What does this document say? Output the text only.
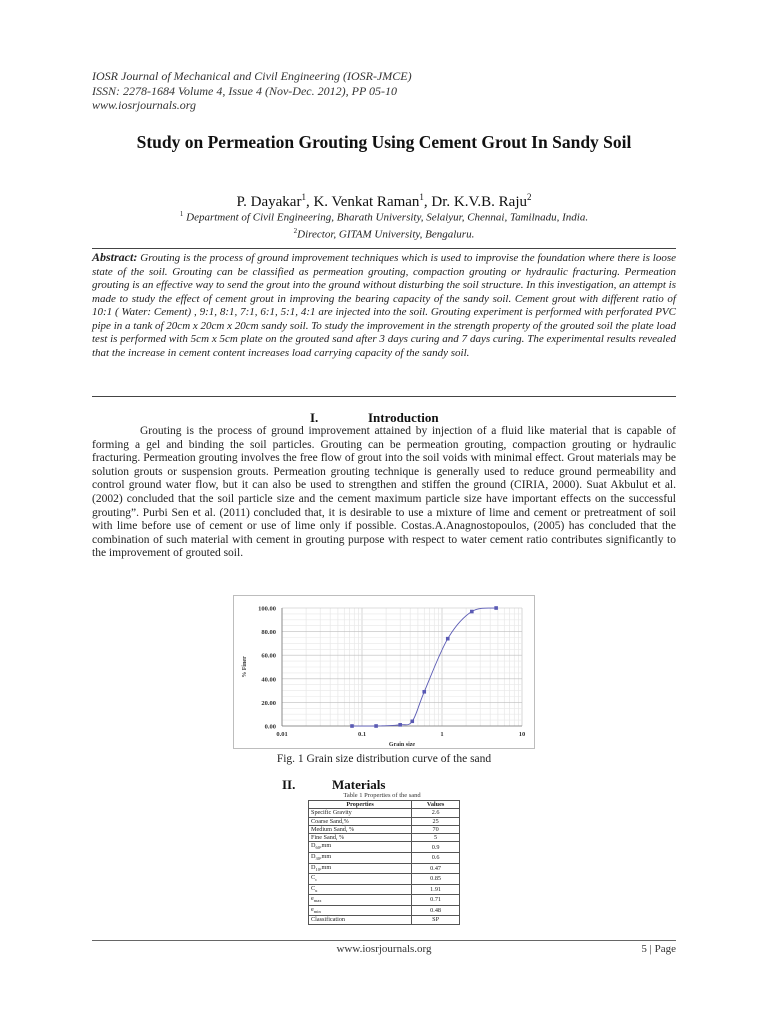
IOSR Journal of Mechanical and Civil Engineering (IOSR-JMCE)
ISSN: 2278-1684 Volume 4, Issue 4 (Nov-Dec. 2012), PP 05-10
www.iosrjournals.org
Study on Permeation Grouting Using Cement Grout In Sandy Soil
P. Dayakar$^1$, K. Venkat Raman$^1$, Dr. K.V.B. Raju$^2$
$^1$ Department of Civil Engineering, Bharath University, Selaiyur, Chennai, Tamilnadu, India.
$^2$Director, GITAM University, Bengaluru.
Abstract: Grouting is the process of ground improvement techniques which is used to improvise the foundation where there is loose state of the soil. Grouting can be classified as permeation grouting, compaction grouting or hydraulic fracturing. Permeation grouting is an effective way to send the grout into the ground without disturbing the soil structure. In this investigation, an attempt is made to study the effect of cement grout in improving the bearing capacity of the sandy soil. Cement grout with different ratio of 10:1 ( Water: Cement) , 9:1, 8:1, 7:1, 6:1, 5:1, 4:1 are injected into the soil. Grouting experiment is performed with perforated PVC pipe in a tank of 20cm x 20cm x 20cm sandy soil. To study the improvement in the strength property of the grouted soil the plate load test is performed with 5cm x 5cm plate on the grouted sand after 3 days curing and 7 days curing. The experimental results revealed that the increase in cement content increases load carrying capacity of the sandy soil.
I.	Introduction
Grouting is the process of ground improvement attained by injection of a fluid like material that is capable of forming a gel and binding the soil particles. Grouting can be permeation grouting, compaction grouting or hydraulic fracturing. Permeation grouting involves the free flow of grout into the soil voids with minimal effect. Grout materials may be solution grouts or suspension grouts. Permeation grouting technique is generally used to reduce ground permeability and control ground water flow, but it can also be used to strengthen and stiffen the ground (CIRIA, 2000). Suat Akbulut et al. (2002) concluded that the soil particle size and the cement maximum particle size have important effects on the successful grouting”. Purbi Sen et al. (2011) concluded that, it is desirable to use a mixture of lime and cement or pretreatment of soil with lime before use of cement or use of lime only if possible. Costas.A.Anagnostopoulos, (2005) has concluded that the combination of such material with cement in grouting purpose with respect to water cement ratio contributes significantly to the improvement of grouted soil.
0.00
20.00
40.00
60.00
80.00
100.00
0.01	0.1	1	10
Grain size
% Finer
Fig. 1 Grain size distribution curve of the sand
II.	Materials
Table 1 Properties of the sand
Properties	Values
Specific Gravity	2.6
Coarse Sand,%	25
Medium Sand, %	70
Fine Sand, %	5
$D_{60},mm$	0.9
$D_{30},mm$	0.6
$D_{10},mm$	0.47
$C_c$	0.85
$C_u$	1.91
$e_{max}$	0.71
$e_{min}$	0.48
Classification	SP
www.iosrjournals.org	5 | Page
